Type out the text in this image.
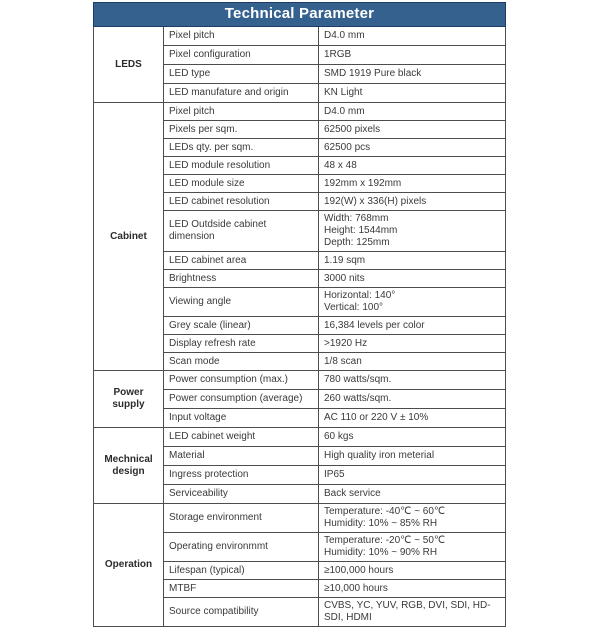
Technical Parameter		
LEDS	Pixel pitch	D4.0 mm
	Pixel configuration	1RGB
	LED type	SMD 1919 Pure black
	LED manufature and origin	KN Light
Cabinet	Pixel pitch	D4.0 mm
	Pixels per sqm.	62500 pixels
	LEDs qty. per sqm.	62500 pcs
	LED module resolution	48 x 48
	LED module size	192mm x 192mm
	LED cabinet resolution	192(W) x 336(H) pixels
	LED Outdside cabinet dimension	Width: 768mm
Height: 1544mm
Depth: 125mm

	LED cabinet area	1.19 sqm
	Brightness	3000 nits
	Viewing angle	Horizontal: 140°
Vertical: 100°

	Grey scale (linear)	16,384 levels per color
	Display refresh rate	>1920 Hz
	Scan mode	1/8 scan
Power supply	Power consumption (max.)	780 watts/sqm.
	Power consumption (average)	260 watts/sqm.
	Input voltage	AC 110 or 220 V ± 10%
Mechnical design	LED cabinet weight	60 kgs
	Material	High quality iron meterial
	Ingress protection	IP65
	Serviceability	Back service
Operation	Storage environment	Temperature: -40℃ ~ 60℃
Humidity: 10% ~ 85% RH

	Operating environmmt	Temperature: -20℃ ~ 50℃
Humidity: 10% ~ 90% RH

	Lifespan (typical)	≥100,000 hours
	MTBF	≥10,000 hours
	Source compatibility	CVBS, YC, YUV, RGB, DVI, SDI, HD-SDI, HDMI
